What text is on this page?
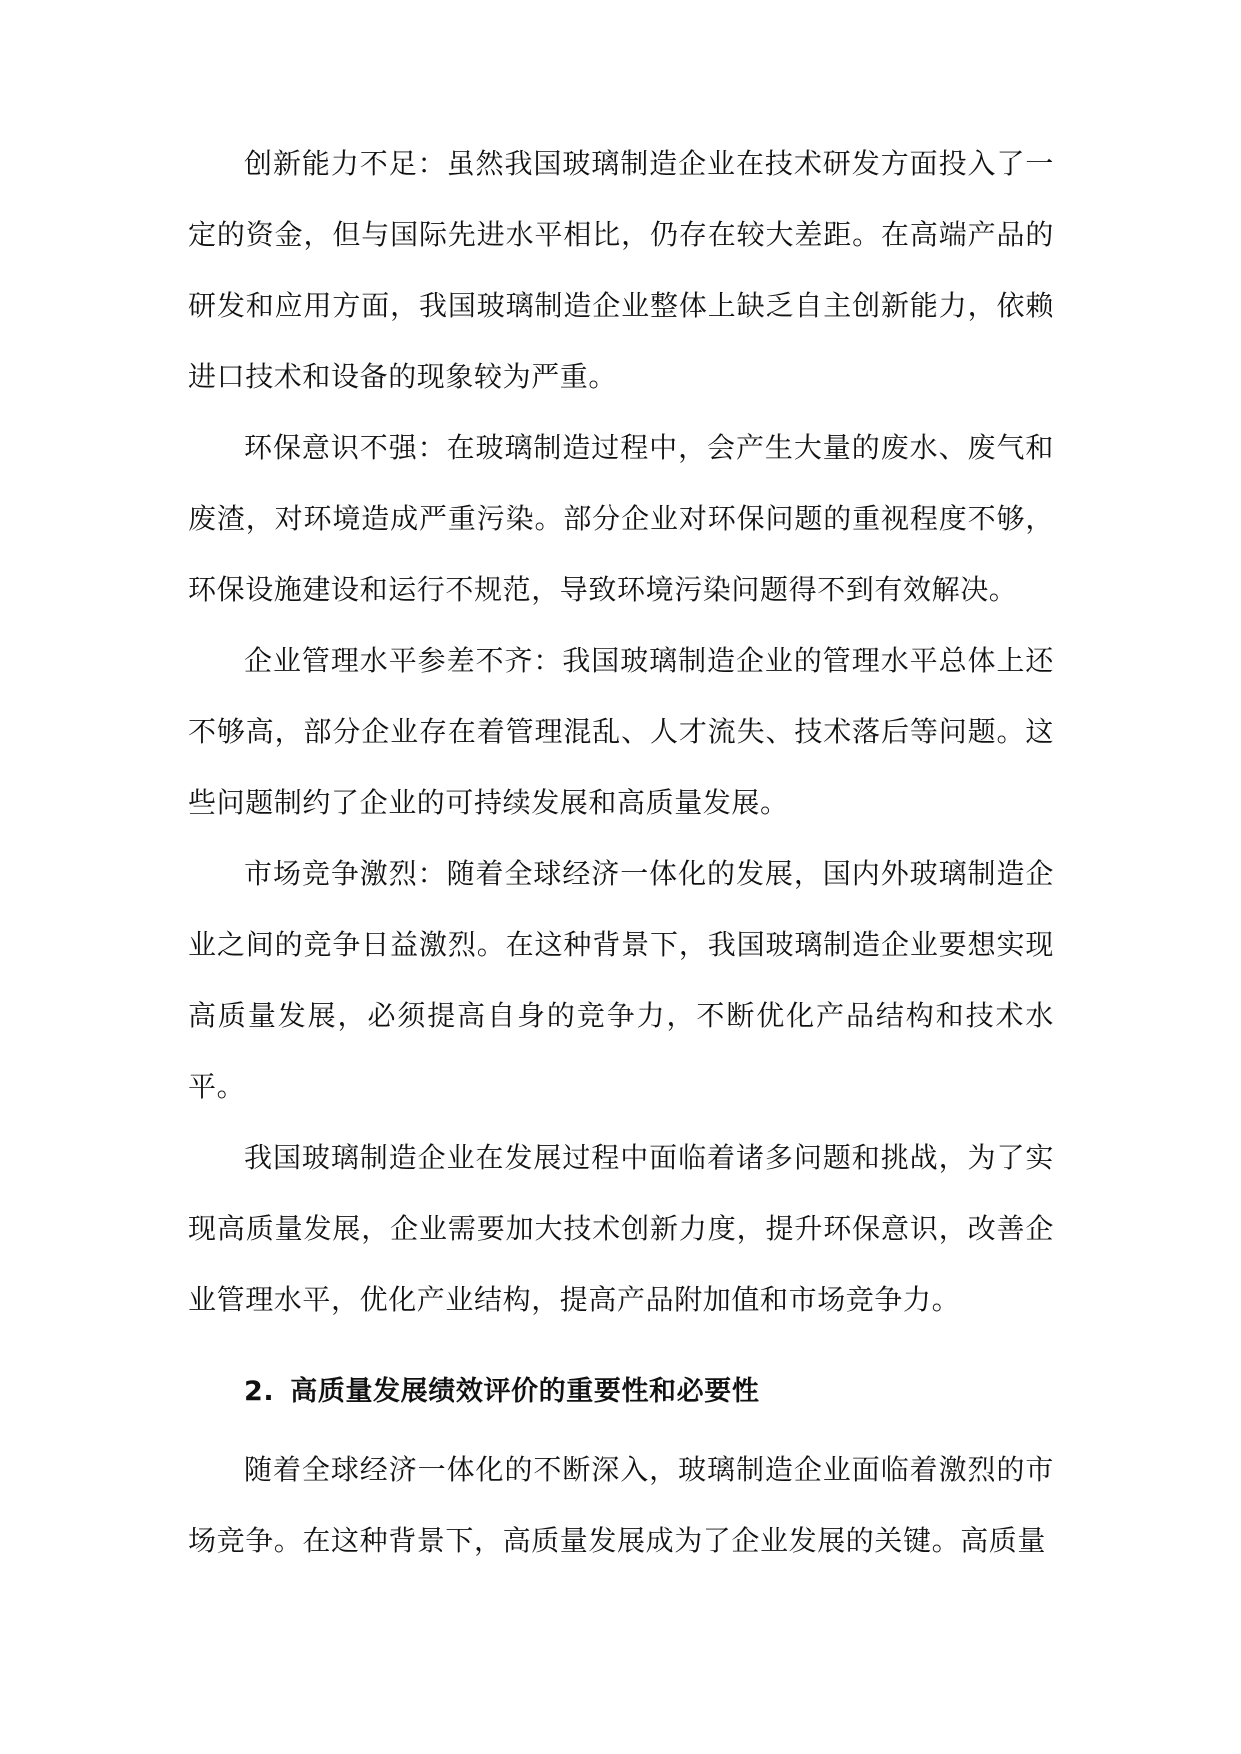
创新能力不足：虽然我国玻璃制造企业在技术研发方面投入了一定的资金，但与国际先进水平相比，仍存在较大差距。在高端产品的研发和应用方面，我国玻璃制造企业整体上缺乏自主创新能力，依赖进口技术和设备的现象较为严重。

环保意识不强：在玻璃制造过程中，会产生大量的废水、废气和废渣，对环境造成严重污染。部分企业对环保问题的重视程度不够，环保设施建设和运行不规范，导致环境污染问题得不到有效解决。

企业管理水平参差不齐：我国玻璃制造企业的管理水平总体上还不够高，部分企业存在着管理混乱、人才流失、技术落后等问题。这些问题制约了企业的可持续发展和高质量发展。

市场竞争激烈：随着全球经济一体化的发展，国内外玻璃制造企业之间的竞争日益激烈。在这种背景下，我国玻璃制造企业要想实现高质量发展，必须提高自身的竞争力，不断优化产品结构和技术水平。

我国玻璃制造企业在发展过程中面临着诸多问题和挑战，为了实现高质量发展，企业需要加大技术创新力度，提升环保意识，改善企业管理水平，优化产业结构，提高产品附加值和市场竞争力。

2. 高质量发展绩效评价的重要性和必要性

随着全球经济一体化的不断深入，玻璃制造企业面临着激烈的市场竞争。在这种背景下，高质量发展成为了企业发展的关键。高质量
